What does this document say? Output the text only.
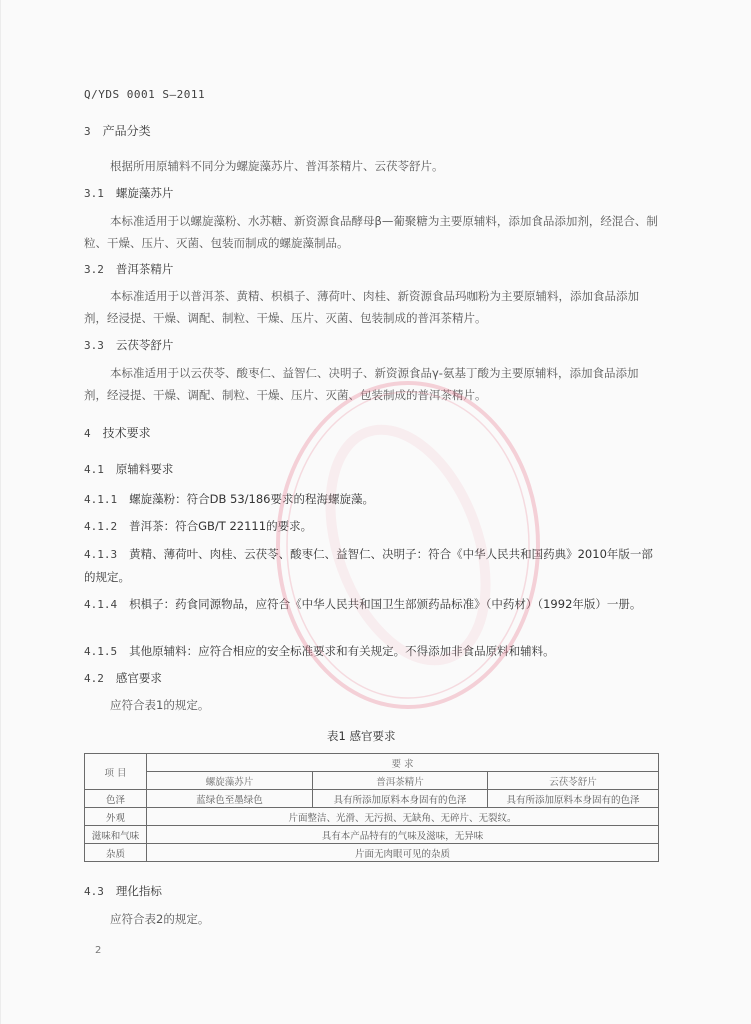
Q/YDS 0001 S—2011
3 产品分类
根据所用原辅料不同分为螺旋藻苏片、普洱茶精片、云茯苓舒片。
3.1 螺旋藻苏片
本标准适用于以螺旋藻粉、水苏糖、新资源食品酵母β—葡聚糖为主要原辅料，添加食品添加剂，经混合、制粒、干燥、压片、灭菌、包装而制成的螺旋藻制品。
3.2 普洱茶精片
本标准适用于以普洱茶、黄精、枳椇子、薄荷叶、肉桂、新资源食品玛咖粉为主要原辅料，添加食品添加剂，经浸提、干燥、调配、制粒、干燥、压片、灭菌、包装制成的普洱茶精片。
3.3 云茯苓舒片
本标准适用于以云茯苓、酸枣仁、益智仁、决明子、新资源食品γ-氨基丁酸为主要原辅料，添加食品添加剂，经浸提、干燥、调配、制粒、干燥、压片、灭菌、包装制成的普洱茶精片。
4 技术要求
4.1 原辅料要求
4.1.1 螺旋藻粉：符合DB 53/186要求的程海螺旋藻。
4.1.2 普洱茶：符合GB/T 22111的要求。
4.1.3 黄精、薄荷叶、肉桂、云茯苓、酸枣仁、益智仁、决明子：符合《中华人民共和国药典》2010年版一部的规定。
4.1.4 枳椇子：药食同源物品，应符合《中华人民共和国卫生部颁药品标准》（中药材）（1992年版）一册。
4.1.5 其他原辅料：应符合相应的安全标准要求和有关规定。不得添加非食品原料和辅料。
4.2 感官要求
应符合表1的规定。
表1 感官要求
项 目	要 求		
	螺旋藻苏片	普洱茶精片	云茯苓舒片
色泽	蓝绿色至墨绿色	具有所添加原料本身固有的色泽	具有所添加原料本身固有的色泽
外观	片面整洁、光滑、无污损、无缺角、无碎片、无裂纹。		
滋味和气味	具有本产品特有的气味及滋味，无异味		
杂质	片面无肉眼可见的杂质		
4.3 理化指标
应符合表2的规定。
2
